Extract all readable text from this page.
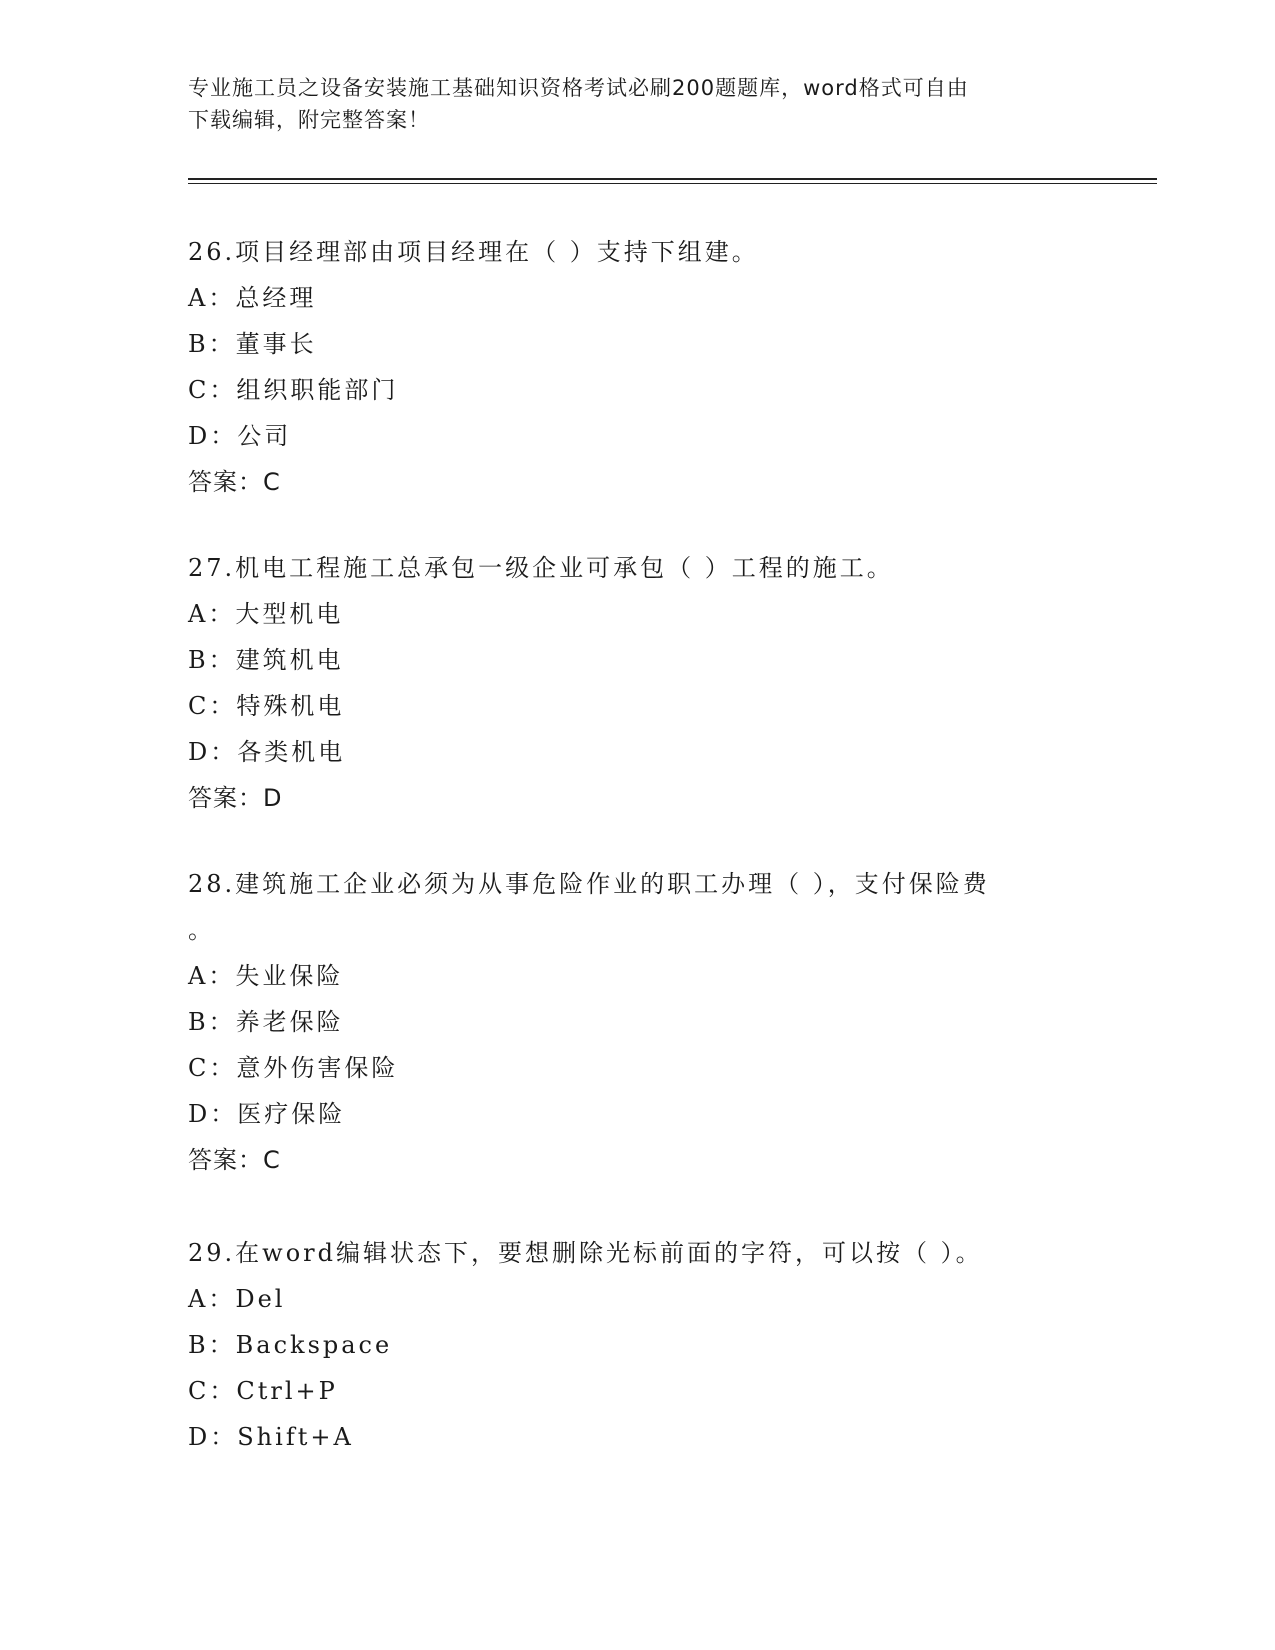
专业施工员之设备安装施工基础知识资格考试必刷200题题库，word格式可自由
下载编辑，附完整答案！
26.项目经理部由项目经理在（ ）支持下组建。
A：总经理
B：董事长
C：组织职能部门
D：公司
答案：C
27.机电工程施工总承包一级企业可承包（ ）工程的施工。
A：大型机电
B：建筑机电
C：特殊机电
D：各类机电
答案：D
28.建筑施工企业必须为从事危险作业的职工办理（ ），支付保险费
。
A：失业保险
B：养老保险
C：意外伤害保险
D：医疗保险
答案：C
29.在word编辑状态下，要想删除光标前面的字符，可以按（ ）。
A：Del
B：Backspace
C：Ctrl+P
D：Shift+A
